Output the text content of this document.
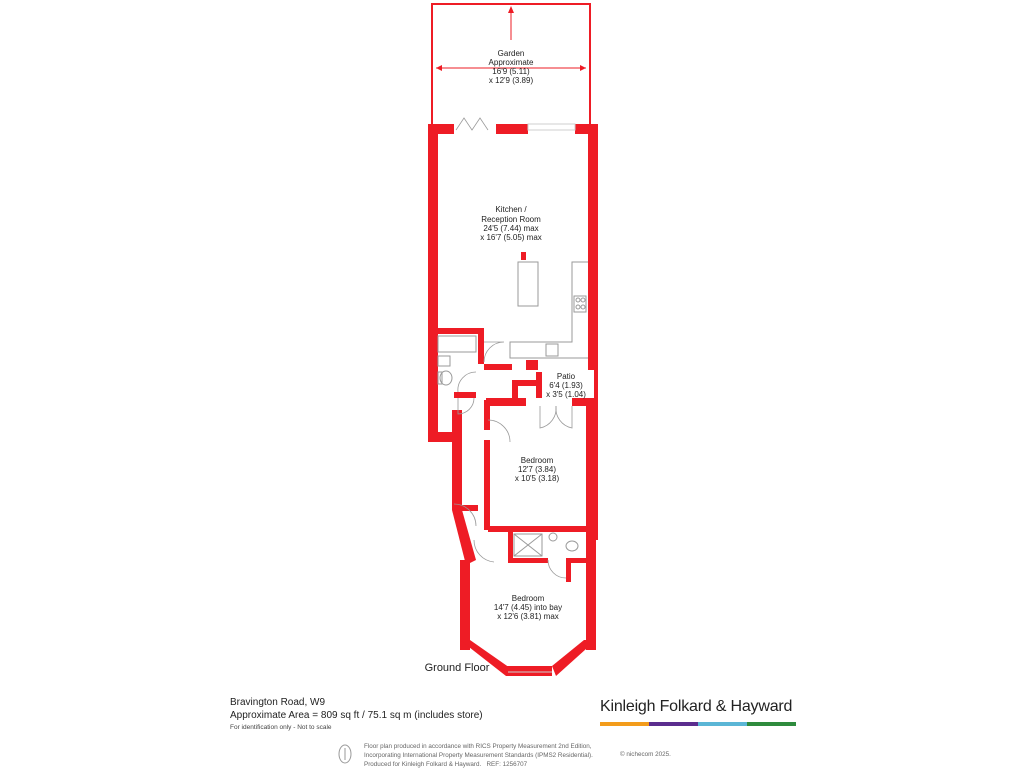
Garden
Approximate
16'9 (5.11)
x 12'9 (3.89)
Kitchen /
Reception Room
24'5 (7.44) max
x 16'7 (5.05) max
Patio
6'4 (1.93)
x 3'5 (1.04)
Bedroom
12'7 (3.84)
x 10'5 (3.18)
Bedroom
14'7 (4.45) into bay
x 12'6 (3.81) max
Ground Floor
Bravington Road, W9
Approximate Area = 809 sq ft / 75.1 sq m (includes store)
For identification only - Not to scale
Kinleigh Folkard & Hayward
Floor plan produced in accordance with RICS Property Measurement 2nd Edition,
Incorporating International Property Measurement Standards (IPMS2 Residential).
Produced for Kinleigh Folkard & Hayward. REF: 1256707
© nichecom 2025.
